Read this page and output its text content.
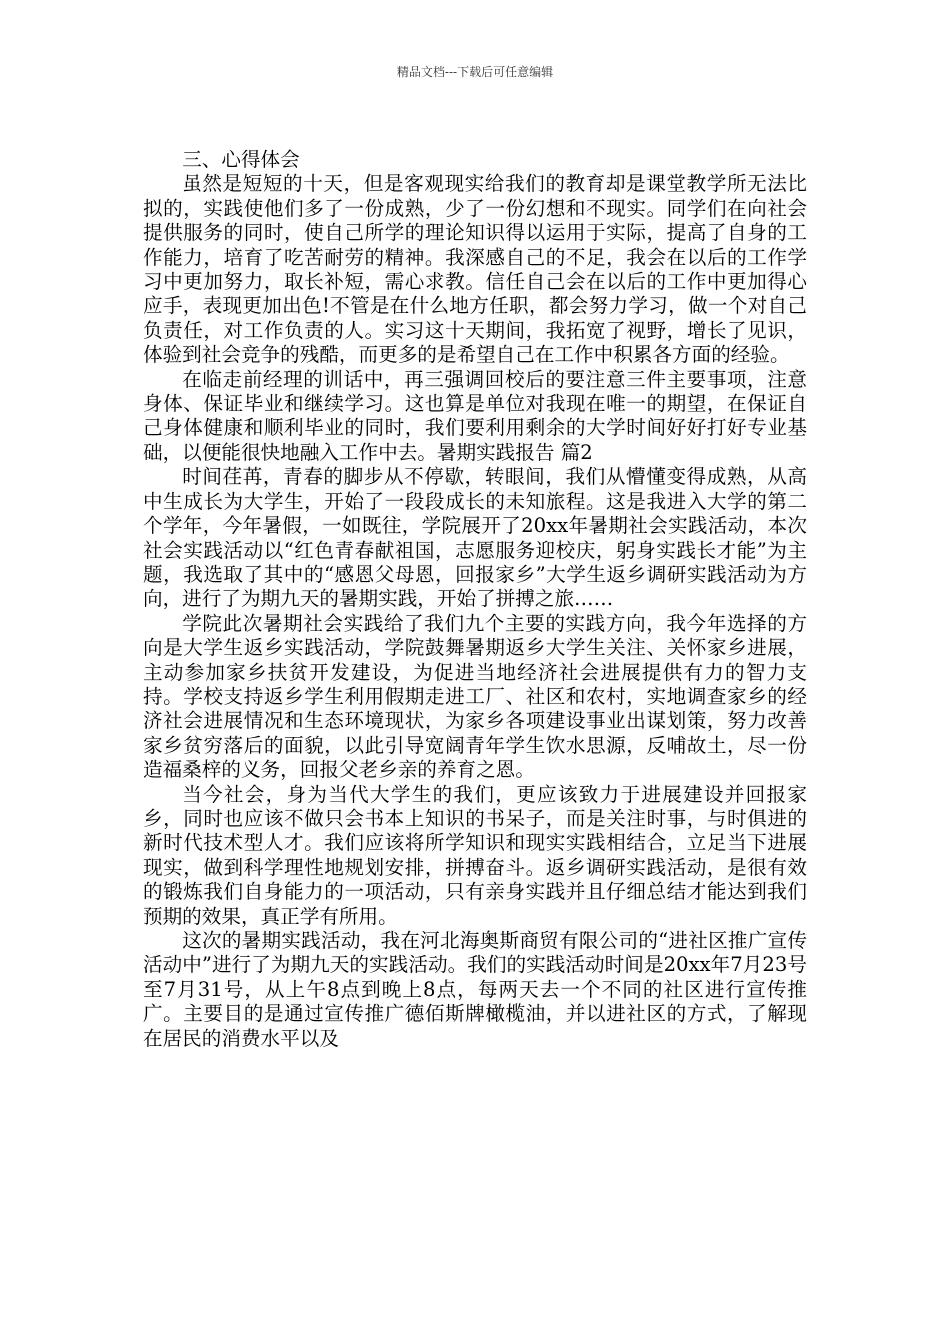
精品文档---下载后可任意编辑
三、心得体会

虽然是短短的十天，但是客观现实给我们的教育却是课堂教学所无法比拟的，实践使他们多了一份成熟，少了一份幻想和不现实。同学们在向社会提供服务的同时，使自己所学的理论知识得以运用于实际，提高了自身的工作能力，培育了吃苦耐劳的精神。我深感自己的不足，我会在以后的工作学习中更加努力，取长补短，需心求教。信任自己会在以后的工作中更加得心应手，表现更加出色!不管是在什么地方任职，都会努力学习，做一个对自己负责任，对工作负责的人。实习这十天期间，我拓宽了视野，增长了见识，体验到社会竞争的残酷，而更多的是希望自己在工作中积累各方面的经验。

在临走前经理的训话中，再三强调回校后的要注意三件主要事项，注意身体、保证毕业和继续学习。这也算是单位对我现在唯一的期望，在保证自己身体健康和顺利毕业的同时，我们要利用剩余的大学时间好好打好专业基础，以便能很快地融入工作中去。暑期实践报告 篇2

时间荏苒，青春的脚步从不停歇，转眼间，我们从懵懂变得成熟，从高中生成长为大学生，开始了一段段成长的未知旅程。这是我进入大学的第二个学年，今年暑假，一如既往，学院展开了20xx年暑期社会实践活动，本次社会实践活动以“红色青春献祖国，志愿服务迎校庆，躬身实践长才能”为主题，我选取了其中的“感恩父母恩，回报家乡”大学生返乡调研实践活动为方向，进行了为期九天的暑期实践，开始了拼搏之旅……

学院此次暑期社会实践给了我们九个主要的实践方向，我今年选择的方向是大学生返乡实践活动，学院鼓舞暑期返乡大学生关注、关怀家乡进展，主动参加家乡扶贫开发建设，为促进当地经济社会进展提供有力的智力支持。学校支持返乡学生利用假期走进工厂、社区和农村，实地调查家乡的经济社会进展情况和生态环境现状，为家乡各项建设事业出谋划策，努力改善家乡贫穷落后的面貌，以此引导宽阔青年学生饮水思源，反哺故土，尽一份造福桑梓的义务，回报父老乡亲的养育之恩。

当今社会，身为当代大学生的我们，更应该致力于进展建设并回报家乡，同时也应该不做只会书本上知识的书呆子，而是关注时事，与时俱进的新时代技术型人才。我们应该将所学知识和现实实践相结合，立足当下进展现实，做到科学理性地规划安排，拼搏奋斗。返乡调研实践活动，是很有效的锻炼我们自身能力的一项活动，只有亲身实践并且仔细总结才能达到我们预期的效果，真正学有所用。

这次的暑期实践活动，我在河北海奥斯商贸有限公司的“进社区推广宣传活动中”进行了为期九天的实践活动。我们的实践活动时间是20xx年7月23号至7月31号，从上午8点到晚上8点，每两天去一个不同的社区进行宣传推广。主要目的是通过宣传推广德佰斯牌橄榄油，并以进社区的方式，了解现在居民的消费水平以及
